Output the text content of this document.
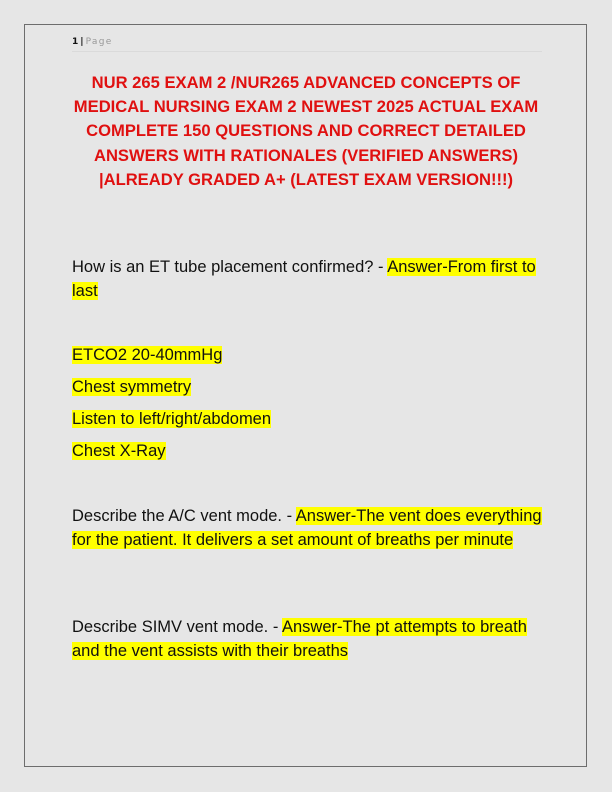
1 | Page
NUR 265 EXAM 2 /NUR265 ADVANCED CONCEPTS OF MEDICAL NURSING EXAM 2 NEWEST 2025 ACTUAL EXAM COMPLETE 150 QUESTIONS AND CORRECT DETAILED ANSWERS WITH RATIONALES (VERIFIED ANSWERS) |ALREADY GRADED A+ (LATEST EXAM VERSION!!!)
How is an ET tube placement confirmed? - Answer-From first to last
ETCO2 20-40mmHg
Chest symmetry
Listen to left/right/abdomen
Chest X-Ray
Describe the A/C vent mode. - Answer-The vent does everything for the patient. It delivers a set amount of breaths per minute
Describe SIMV vent mode. - Answer-The pt attempts to breath and the vent assists with their breaths
